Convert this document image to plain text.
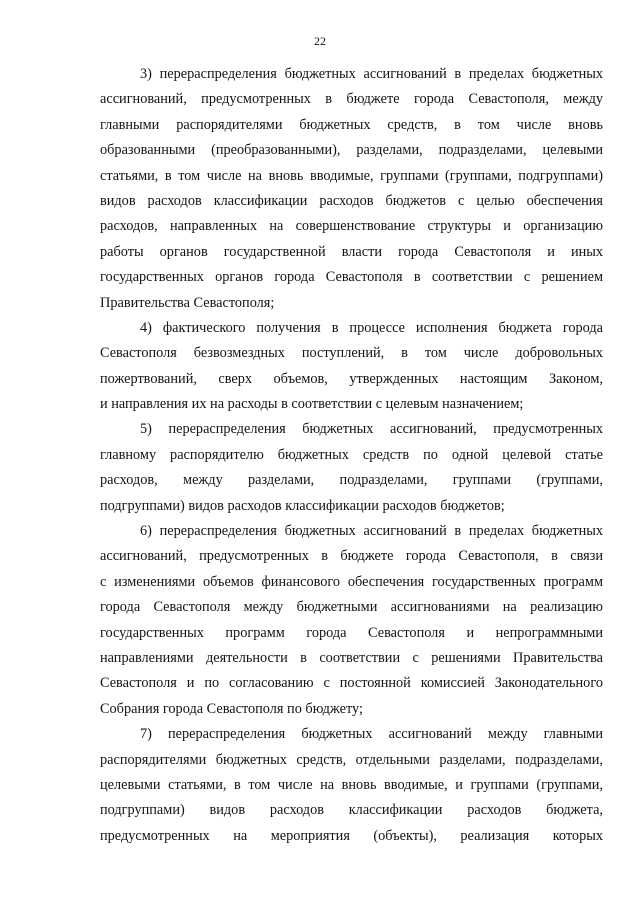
22
3) перераспределения бюджетных ассигнований в пределах бюджетных
ассигнований, предусмотренных в бюджете города Севастополя, между
главными распорядителями бюджетных средств, в том числе вновь
образованными (преобразованными), разделами, подразделами, целевыми
статьями, в том числе на вновь вводимые, группами (группами, подгруппами)
видов расходов классификации расходов бюджетов с целью обеспечения
расходов, направленных на совершенствование структуры и организацию
работы органов государственной власти города Севастополя и иных
государственных органов города Севастополя в соответствии с решением
Правительства Севастополя;
4) фактического получения в процессе исполнения бюджета города
Севастополя безвозмездных поступлений, в том числе добровольных
пожертвований, сверх объемов, утвержденных настоящим Законом,
и направления их на расходы в соответствии с целевым назначением;
5) перераспределения бюджетных ассигнований, предусмотренных
главному распорядителю бюджетных средств по одной целевой статье
расходов, между разделами, подразделами, группами (группами,
подгруппами) видов расходов классификации расходов бюджетов;
6) перераспределения бюджетных ассигнований в пределах бюджетных
ассигнований, предусмотренных в бюджете города Севастополя, в связи
с изменениями объемов финансового обеспечения государственных программ
города Севастополя между бюджетными ассигнованиями на реализацию
государственных программ города Севастополя и непрограммными
направлениями деятельности в соответствии с решениями Правительства
Севастополя и по согласованию с постоянной комиссией Законодательного
Собрания города Севастополя по бюджету;
7) перераспределения бюджетных ассигнований между главными
распорядителями бюджетных средств, отдельными разделами, подразделами,
целевыми статьями, в том числе на вновь вводимые, и группами (группами,
подгруппами) видов расходов классификации расходов бюджета,
предусмотренных на мероприятия (объекты), реализация которых
